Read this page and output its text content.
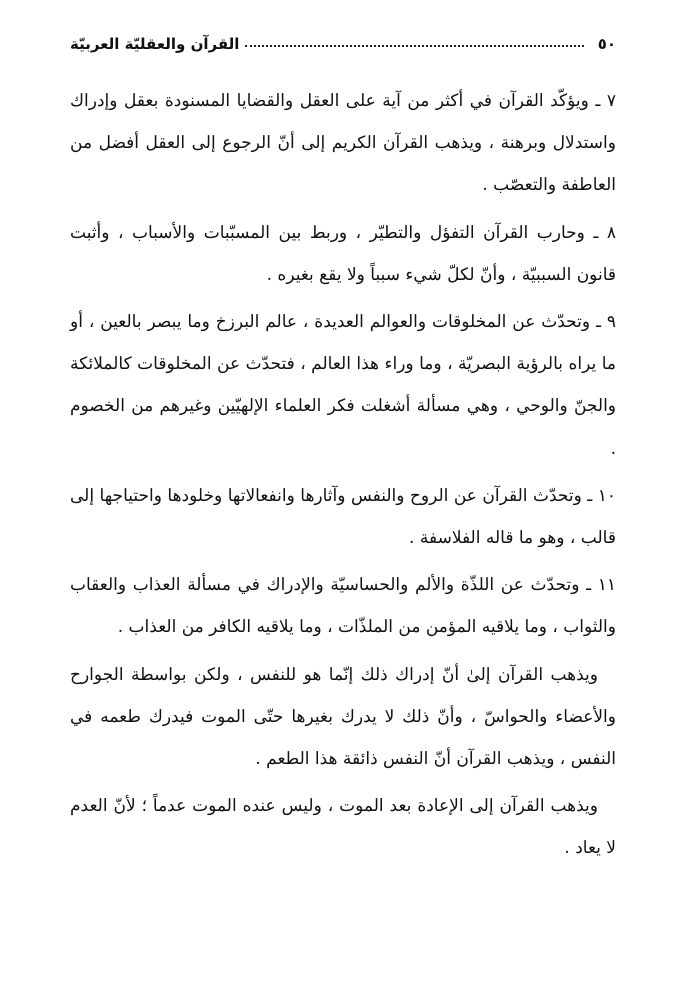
٥٠
القرآن والعقليّة العربيّة

٧ ـ ويؤكّد القرآن في أكثر من آية على العقل والقضايا المسنودة بعقل وإدراك واستدلال وبرهنة ، ويذهب القرآن الكريم إلى أنّ الرجوع إلى العقل أفضل من العاطفة والتعصّب .

٨ ـ وحارب القرآن التفؤل والتطيّر ، وربط بين المسبّبات والأسباب ، وأثبت قانون السببيّة ، وأنّ لكلّ شيء سبباً ولا يقع بغيره .

٩ ـ وتحدّث عن المخلوقات والعوالم العديدة ، عالم البرزخ وما يبصر بالعين ، أو ما يراه بالرؤية البصريّة ، وما وراء هذا العالم ، فتحدّث عن المخلوقات كالملائكة والجنّ والوحي ، وهي مسألة أشغلت فكر العلماء الإلهيّين وغيرهم من الخصوم .

١٠ ـ وتحدّث القرآن عن الروح والنفس وآثارها وانفعالاتها وخلودها واحتياجها إلى قالب ، وهو ما قاله الفلاسفة .

١١ ـ وتحدّث عن اللذّة والألم والحساسيّة والإدراك في مسألة العذاب والعقاب والثواب ، وما يلاقيه المؤمن من الملذّات ، وما يلاقيه الكافر من العذاب .

ويذهب القرآن إلىٰ أنّ إدراك ذلك إنّما هو للنفس ، ولكن بواسطة الجوارح والأعضاء والحواسّ ، وأنّ ذلك لا يدرك بغيرها حتّى الموت فيدرك طعمه في النفس ، ويذهب القرآن أنّ النفس ذائقة هذا الطعم .

ويذهب القرآن إلى الإعادة بعد الموت ، وليس عنده الموت عدماً ؛ لأنّ العدم لا يعاد .
